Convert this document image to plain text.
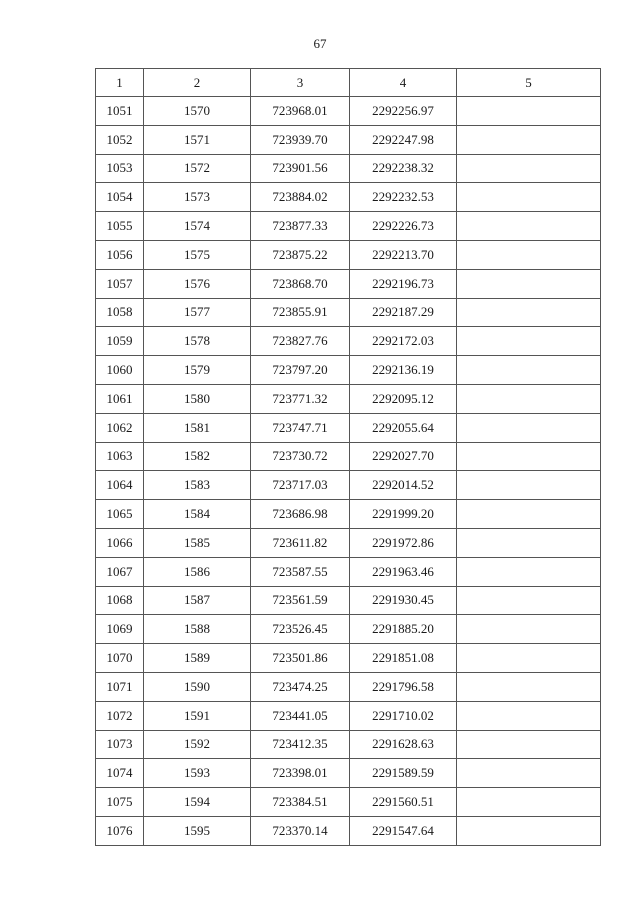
67
1	2	3	4	5
1051	1570	723968.01	2292256.97	
1052	1571	723939.70	2292247.98	
1053	1572	723901.56	2292238.32	
1054	1573	723884.02	2292232.53	
1055	1574	723877.33	2292226.73	
1056	1575	723875.22	2292213.70	
1057	1576	723868.70	2292196.73	
1058	1577	723855.91	2292187.29	
1059	1578	723827.76	2292172.03	
1060	1579	723797.20	2292136.19	
1061	1580	723771.32	2292095.12	
1062	1581	723747.71	2292055.64	
1063	1582	723730.72	2292027.70	
1064	1583	723717.03	2292014.52	
1065	1584	723686.98	2291999.20	
1066	1585	723611.82	2291972.86	
1067	1586	723587.55	2291963.46	
1068	1587	723561.59	2291930.45	
1069	1588	723526.45	2291885.20	
1070	1589	723501.86	2291851.08	
1071	1590	723474.25	2291796.58	
1072	1591	723441.05	2291710.02	
1073	1592	723412.35	2291628.63	
1074	1593	723398.01	2291589.59	
1075	1594	723384.51	2291560.51	
1076	1595	723370.14	2291547.64	
